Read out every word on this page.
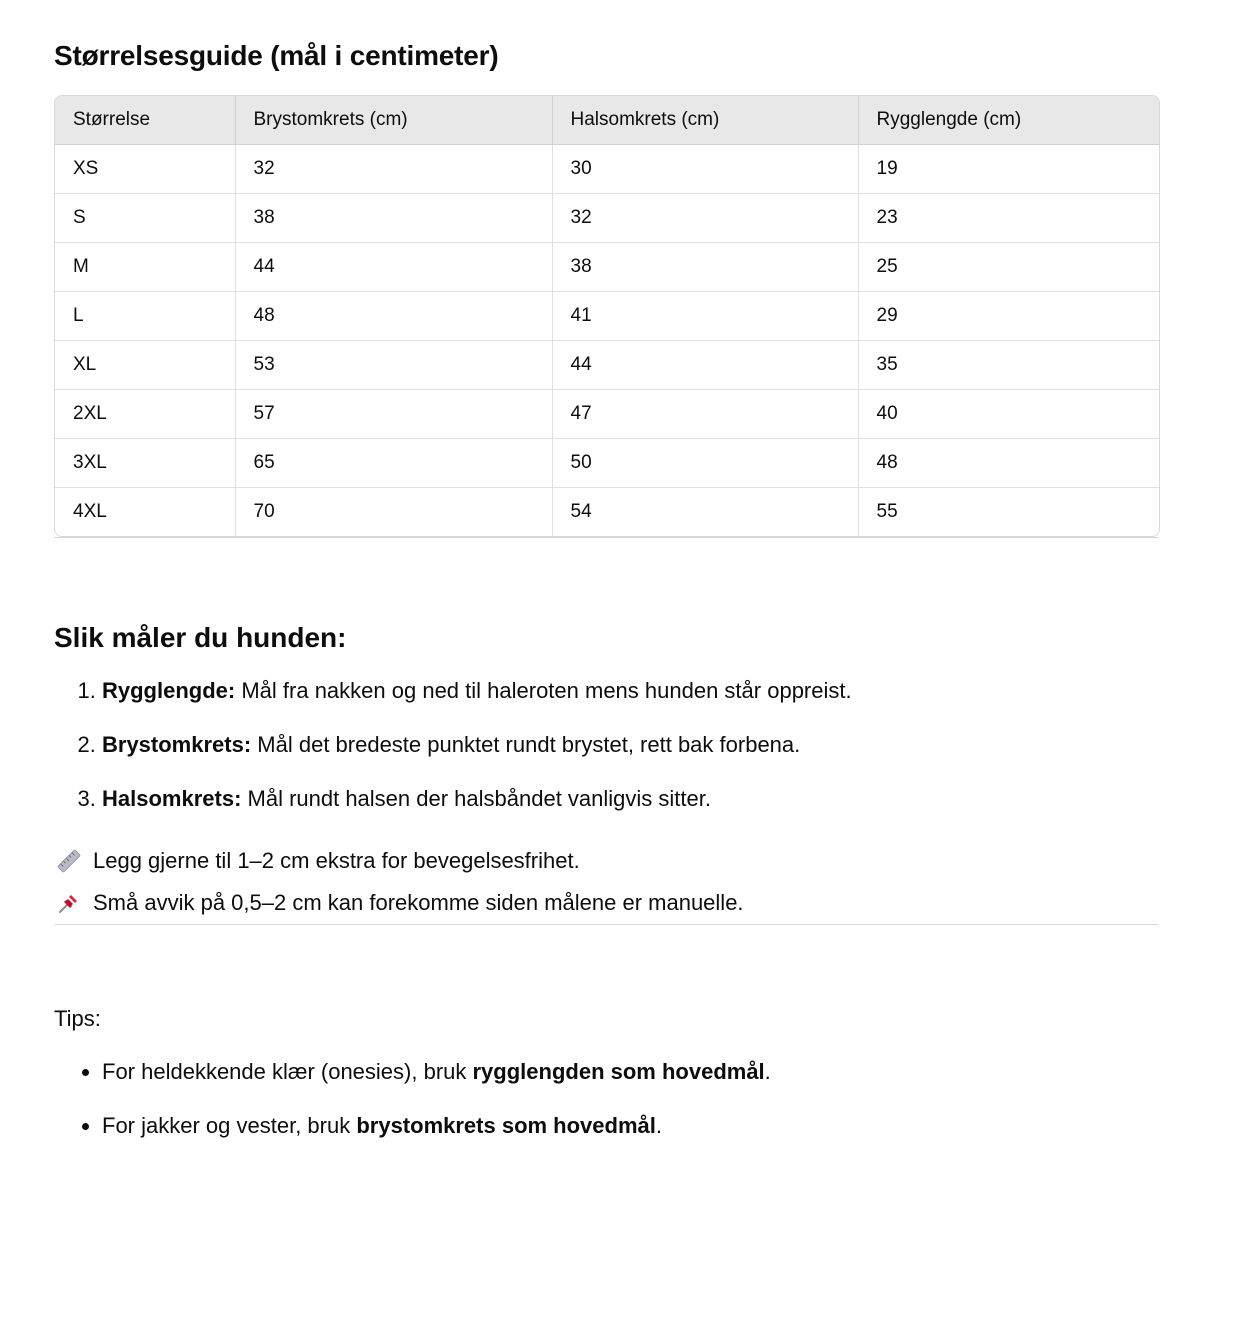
Størrelsesguide (mål i centimeter)
Størrelse	Brystomkrets (cm)	Halsomkrets (cm)	Rygglengde (cm)
XS	32	30	19
S	38	32	23
M	44	38	25
L	48	41	29
XL	53	44	35
2XL	57	47	40
3XL	65	50	48
4XL	70	54	55
Slik måler du hunden:
1. Rygglengde: Mål fra nakken og ned til haleroten mens hunden står oppreist.
2. Brystomkrets: Mål det bredeste punktet rundt brystet, rett bak forbena.
3. Halsomkrets: Mål rundt halsen der halsbåndet vanligvis sitter.
Legg gjerne til 1–2 cm ekstra for bevegelsesfrihet.
Små avvik på 0,5–2 cm kan forekomme siden målene er manuelle.
Tips:
• For heldekkende klær (onesies), bruk rygglengden som hovedmål.
• For jakker og vester, bruk brystomkrets som hovedmål.
